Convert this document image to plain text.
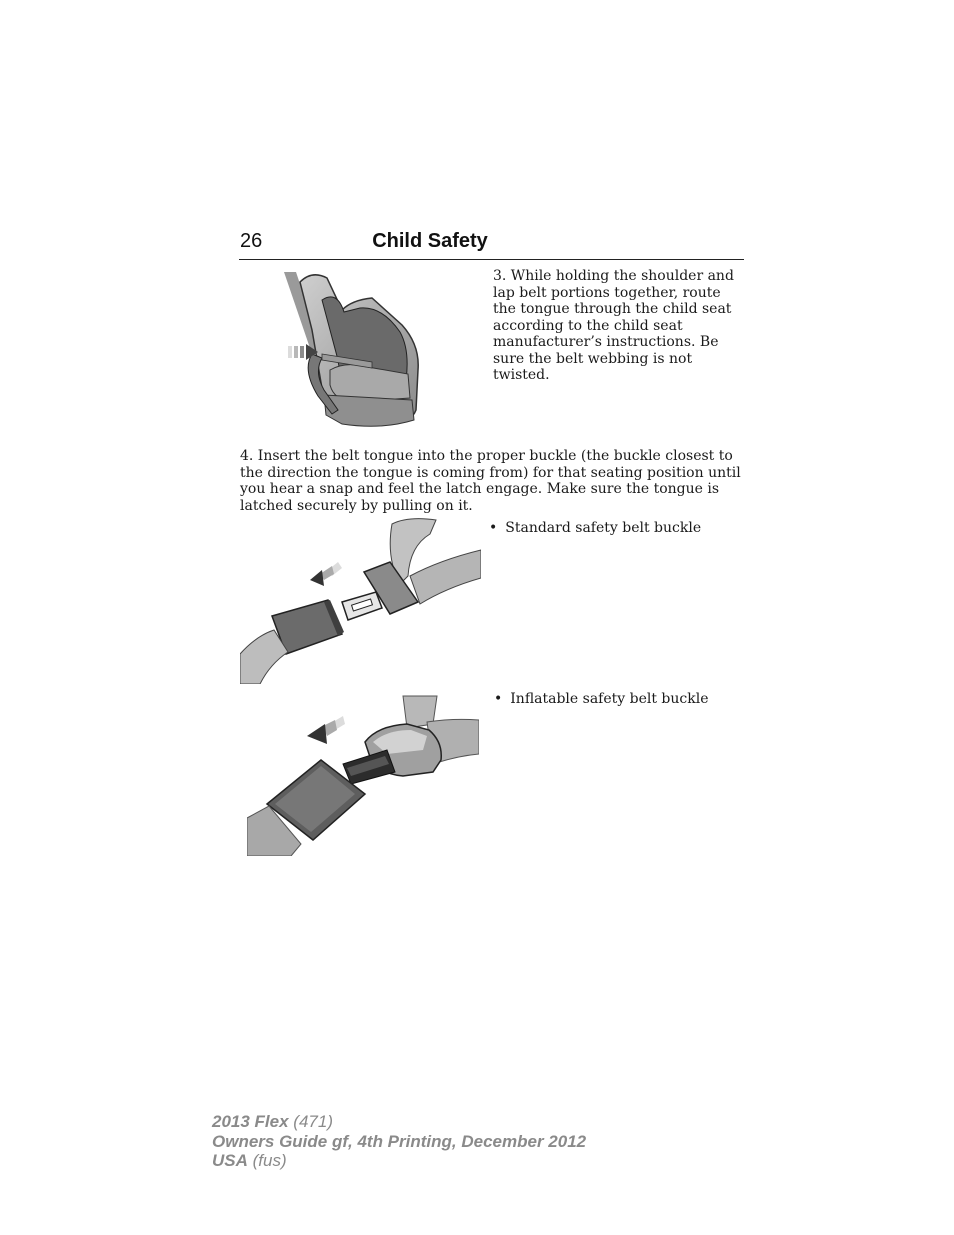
26	Child Safety
3. While holding the shoulder and lap belt portions together, route the tongue through the child seat according to the child seat manufacturer’s instructions. Be sure the belt webbing is not twisted.
4. Insert the belt tongue into the proper buckle (the buckle closest to the direction the tongue is coming from) for that seating position until you hear a snap and feel the latch engage. Make sure the tongue is latched securely by pulling on it.
• Standard safety belt buckle
• Inflatable safety belt buckle
2013 Flex (471)
Owners Guide gf, 4th Printing, December 2012
USA (fus)
